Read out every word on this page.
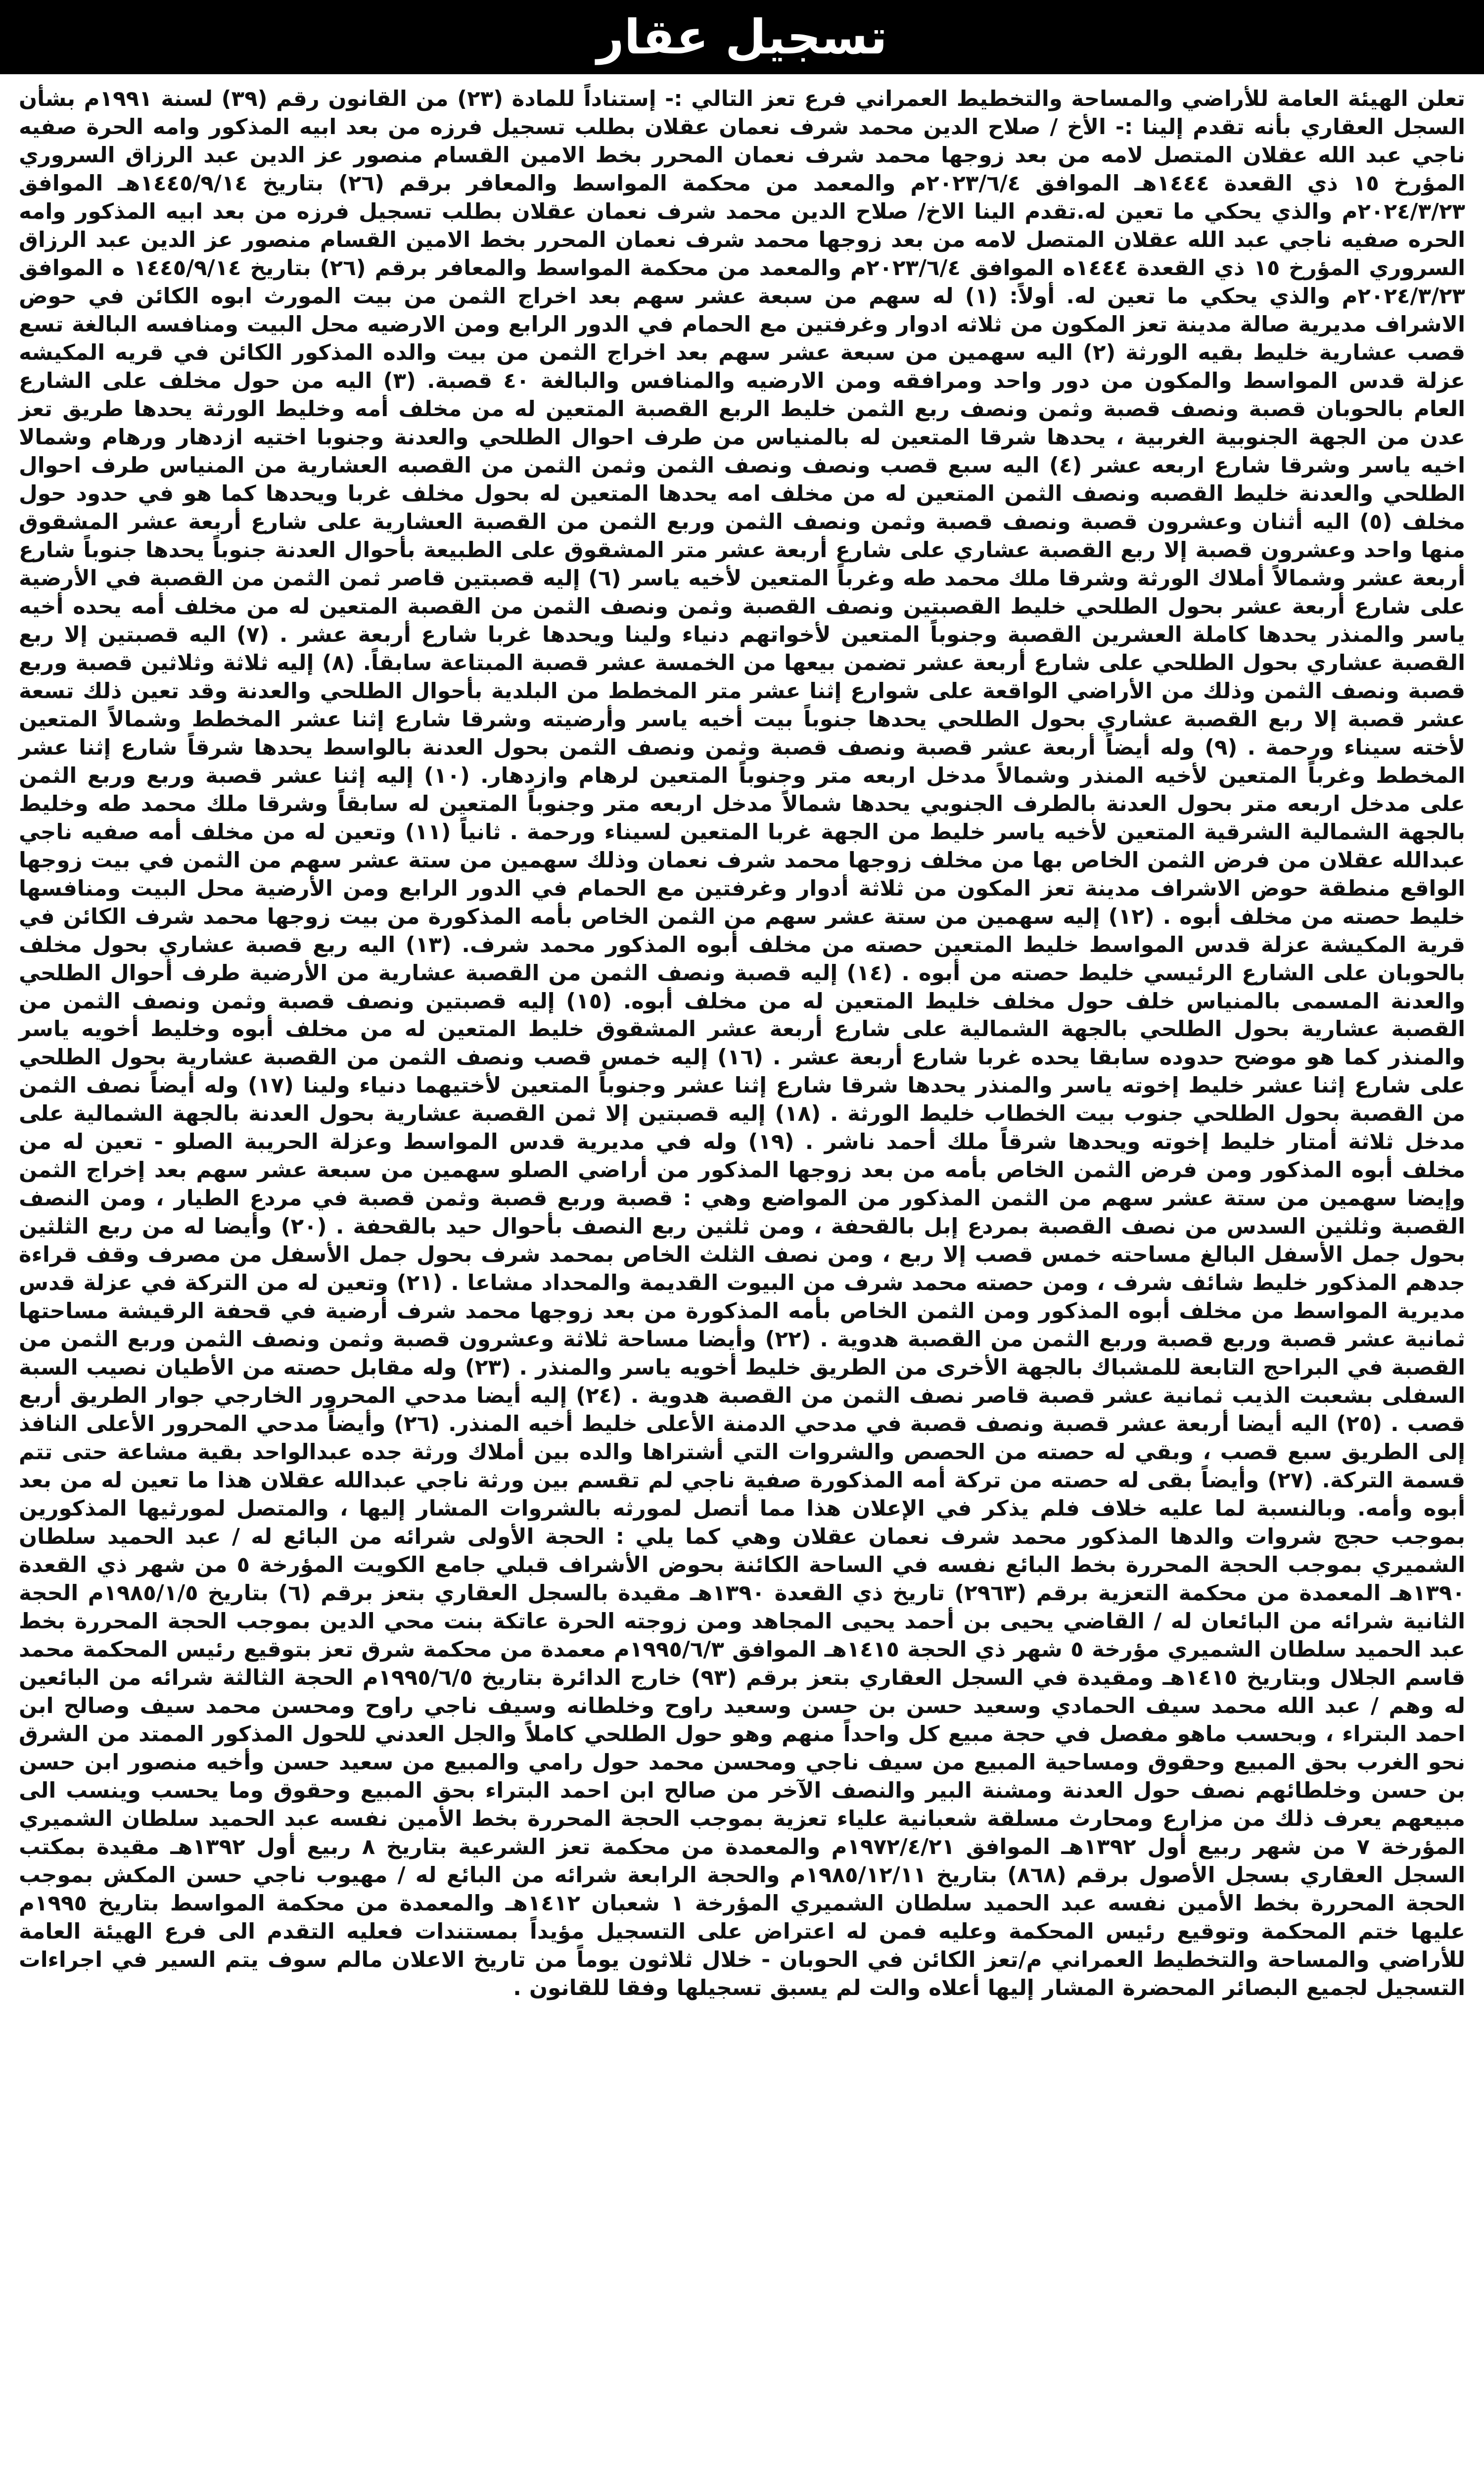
تسجيل عقار

تعلن الهيئة العامة للأراضي والمساحة والتخطيط العمراني فرع تعز التالي :- إستناداً للمادة (٢٣) من القانون رقم (٣٩) لسنة ١٩٩١م بشأن السجل العقاري بأنه تقدم إلينا :- الأخ / صلاح الدين محمد شرف نعمان عقلان بطلب تسجيل فرزه من بعد ابيه المذكور وامه الحرة صفيه ناجي عبد الله عقلان المتصل لامه من بعد زوجها محمد شرف نعمان المحرر بخط الامين القسام منصور عز الدين عبد الرزاق السروري المؤرخ ١٥ ذي القعدة ١٤٤٤هـ الموافق ٢٠٢٣/٦/٤م والمعمد من محكمة المواسط والمعافر برقم (٢٦) بتاريخ ١٤٤٥/٩/١٤هـ الموافق ٢٠٢٤/٣/٢٣م والذي يحكي ما تعين له.تقدم الينا الاخ/ صلاح الدين محمد شرف نعمان عقلان بطلب تسجيل فرزه من بعد ابيه المذكور وامه الحره صفيه ناجي عبد الله عقلان المتصل لامه من بعد زوجها محمد شرف نعمان المحرر بخط الامين القسام منصور عز الدين عبد الرزاق السروري المؤرخ ١٥ ذي القعدة ١٤٤٤ه الموافق ٢٠٢٣/٦/٤م والمعمد من محكمة المواسط والمعافر برقم (٢٦) بتاريخ ١٤٤٥/٩/١٤ ه الموافق ٢٠٢٤/٣/٢٣م والذي يحكي ما تعين له. أولاً: (١) له سهم من سبعة عشر سهم بعد اخراج الثمن من بيت المورث ابوه الكائن في حوض الاشراف مديرية صالة مدينة تعز المكون من ثلاثه ادوار وغرفتين مع الحمام في الدور الرابع ومن الارضيه محل البيت ومنافسه البالغة تسع قصب عشارية خليط بقيه الورثة (٢) اليه سهمين من سبعة عشر سهم بعد اخراج الثمن من بيت والده المذكور الكائن في قريه المكيشه عزلة قدس المواسط والمكون من دور واحد ومرافقه ومن الارضيه والمنافس والبالغة ٤٠ قصبة. (٣) اليه من حول مخلف على الشارع العام بالحوبان قصبة ونصف قصبة وثمن ونصف ربع الثمن خليط الربع القصبة المتعين له من مخلف أمه وخليط الورثة يحدها طريق تعز عدن من الجهة الجنوبية الغربية ، يحدها شرقا المتعين له بالمنياس من طرف احوال الطلحي والعدنة وجنوبا اختيه ازدهار ورهام وشمالا اخيه ياسر وشرقا شارع اربعه عشر (٤) اليه سبع قصب ونصف ونصف الثمن وثمن الثمن من القصبه العشارية من المنياس طرف احوال الطلحي والعدنة خليط القصبه ونصف الثمن المتعين له من مخلف امه يحدها المتعين له بحول مخلف غربا ويحدها كما هو في حدود حول مخلف (٥) اليه أثنان وعشرون قصبة ونصف قصبة وثمن ونصف الثمن وربع الثمن من القصبة العشارية على شارع أربعة عشر المشقوق منها واحد وعشرون قصبة إلا ربع القصبة عشاري على شارع أربعة عشر متر المشقوق على الطبيعة بأحوال العدنة جنوباً يحدها جنوباً شارع أربعة عشر وشمالاً أملاك الورثة وشرقا ملك محمد طه وغرباً المتعين لأخيه ياسر (٦) إليه قصبتين قاصر ثمن الثمن من القصبة في الأرضية على شارع أربعة عشر بحول الطلحي خليط القصبتين ونصف القصبة وثمن ونصف الثمن من القصبة المتعين له من مخلف أمه يحده أخيه ياسر والمنذر يحدها كاملة العشرين القصبة وجنوباً المتعين لأخواتهم دنياء ولينا ويحدها غربا شارع أربعة عشر . (٧) اليه قصبتين إلا ربع القصبة عشاري بحول الطلحي على شارع أربعة عشر تضمن بيعها من الخمسة عشر قصبة المبتاعة سابقاً. (٨) إليه ثلاثة وثلاثين قصبة وربع قصبة ونصف الثمن وذلك من الأراضي الواقعة على شوارع إثنا عشر متر المخطط من البلدية بأحوال الطلحي والعدنة وقد تعين ذلك تسعة عشر قصبة إلا ربع القصبة عشاري بحول الطلحي يحدها جنوباً بيت أخيه ياسر وأرضيته وشرقا شارع إثنا عشر المخطط وشمالاً المتعين لأخته سيناء ورحمة . (٩) وله أيضاً أربعة عشر قصبة ونصف قصبة وثمن ونصف الثمن بحول العدنة بالواسط يحدها شرقاً شارع إثنا عشر المخطط وغرباً المتعين لأخيه المنذر وشمالاً مدخل اربعه متر وجنوباً المتعين لرهام وازدهار. (١٠) إليه إثنا عشر قصبة وربع وربع الثمن على مدخل اربعه متر بحول العدنة بالطرف الجنوبي يحدها شمالاً مدخل اربعه متر وجنوباً المتعين له سابقاً وشرقا ملك محمد طه وخليط بالجهة الشمالية الشرقية المتعين لأخيه ياسر خليط من الجهة غربا المتعين لسيناء ورحمة . ثانياً (١١) وتعين له من مخلف أمه صفيه ناجي عبدالله عقلان من فرض الثمن الخاص بها من مخلف زوجها محمد شرف نعمان وذلك سهمين من ستة عشر سهم من الثمن في بيت زوجها الواقع منطقة حوض الاشراف مدينة تعز المكون من ثلاثة أدوار وغرفتين مع الحمام في الدور الرابع ومن الأرضية محل البيت ومنافسها خليط حصته من مخلف أبوه . (١٢) إليه سهمين من ستة عشر سهم من الثمن الخاص بأمه المذكورة من بيت زوجها محمد شرف الكائن في قرية المكيشة عزلة قدس المواسط خليط المتعين حصته من مخلف أبوه المذكور محمد شرف. (١٣) اليه ربع قصبة عشاري بحول مخلف بالحوبان على الشارع الرئيسي خليط حصته من أبوه . (١٤) إليه قصبة ونصف الثمن من القصبة عشارية من الأرضية طرف أحوال الطلحي والعدنة المسمى بالمنياس خلف حول مخلف خليط المتعين له من مخلف أبوه. (١٥) إليه قصبتين ونصف قصبة وثمن ونصف الثمن من القصبة عشارية بحول الطلحي بالجهة الشمالية على شارع أربعة عشر المشقوق خليط المتعين له من مخلف أبوه وخليط أخويه ياسر والمنذر كما هو موضح حدوده سابقا يحده غربا شارع أربعة عشر . (١٦) إليه خمس قصب ونصف الثمن من القصبة عشارية بحول الطلحي على شارع إثنا عشر خليط إخوته ياسر والمنذر يحدها شرقا شارع إثنا عشر وجنوباً المتعين لأختيهما دنياء ولينا (١٧) وله أيضاً نصف الثمن من القصبة بحول الطلحي جنوب بيت الخطاب خليط الورثة . (١٨) إليه قصبتين إلا ثمن القصبة عشارية بحول العدنة بالجهة الشمالية على مدخل ثلاثة أمتار خليط إخوته ويحدها شرقاً ملك أحمد ناشر . (١٩) وله في مديرية قدس المواسط وعزلة الحريبة الصلو - تعين له من مخلف أبوه المذكور ومن فرض الثمن الخاص بأمه من بعد زوجها المذكور من أراضي الصلو سهمين من سبعة عشر سهم بعد إخراج الثمن وإيضا سهمين من ستة عشر سهم من الثمن المذكور من المواضع وهي : قصبة وربع قصبة وثمن قصبة في مردع الطيار ، ومن النصف القصبة وثلثين السدس من نصف القصبة بمردع إبل بالقحفة ، ومن ثلثين ربع النصف بأحوال حيد بالقحفة . (٢٠) وأيضا له من ربع الثلثين بحول جمل الأسفل البالغ مساحته خمس قصب إلا ربع ، ومن نصف الثلث الخاص بمحمد شرف بحول جمل الأسفل من مصرف وقف قراءة جدهم المذكور خليط شائف شرف ، ومن حصته محمد شرف من البيوت القديمة والمحداد مشاعا . (٢١) وتعين له من التركة في عزلة قدس مديرية المواسط من مخلف أبوه المذكور ومن الثمن الخاص بأمه المذكورة من بعد زوجها محمد شرف أرضية في قحفة الرقيشة مساحتها ثمانية عشر قصبة وربع قصبة وربع الثمن من القصبة هدوية . (٢٢) وأيضا مساحة ثلاثة وعشرون قصبة وثمن ونصف الثمن وربع الثمن من القصبة في البراحج التابعة للمشباك بالجهة الأخرى من الطريق خليط أخويه ياسر والمنذر . (٢٣) وله مقابل حصته من الأطيان نصيب السبة السفلى بشعبت الذيب ثمانية عشر قصبة قاصر نصف الثمن من القصبة هدوية . (٢٤) إليه أيضا مدحي المحرور الخارجي جوار الطريق أربع قصب . (٢٥) اليه أيضا أربعة عشر قصبة ونصف قصبة في مدحي الدمنة الأعلى خليط أخيه المنذر. (٢٦) وأيضاً مدحي المحرور الأعلى النافذ إلى الطريق سبع قصب ، وبقي له حصته من الحصص والشروات التي أشتراها والده بين أملاك ورثة جده عبدالواحد بقية مشاعة حتى تتم قسمة التركة. (٢٧) وأيضاً بقى له حصته من تركة أمه المذكورة صفية ناجي لم تقسم بين ورثة ناجي عبدالله عقلان هذا ما تعين له من بعد أبوه وأمه. وبالنسبة لما عليه خلاف فلم يذكر في الإعلان هذا مما أتصل لمورثه بالشروات المشار إليها ، والمتصل لمورثيها المذكورين بموجب حجج شروات والدها المذكور محمد شرف نعمان عقلان وهي كما يلي : الحجة الأولى شرائه من البائع له / عبد الحميد سلطان الشميري بموجب الحجة المحررة بخط البائع نفسه في الساحة الكائنة بحوض الأشراف قبلي جامع الكويت المؤرخة ٥ من شهر ذي القعدة ١٣٩٠هـ المعمدة من محكمة التعزية برقم (٢٩٦٣) تاريخ ذي القعدة ١٣٩٠هـ مقيدة بالسجل العقاري بتعز برقم (٦) بتاريخ ١٩٨٥/١/٥م الحجة الثانية شرائه من البائعان له / القاضي يحيى بن أحمد يحيى المجاهد ومن زوجته الحرة عاتكة بنت محي الدين بموجب الحجة المحررة بخط عبد الحميد سلطان الشميري مؤرخة ٥ شهر ذي الحجة ١٤١٥هـ الموافق ١٩٩٥/٦/٣م معمدة من محكمة شرق تعز بتوقيع رئيس المحكمة محمد قاسم الجلال وبتاريخ ١٤١٥هـ ومقيدة في السجل العقاري بتعز برقم (٩٣) خارج الدائرة بتاريخ ١٩٩٥/٦/٥م الحجة الثالثة شرائه من البائعين له وهم / عبد الله محمد سيف الحمادي وسعيد حسن بن حسن وسعيد راوح وخلطانه وسيف ناجي راوح ومحسن محمد سيف وصالح ابن احمد البتراء ، وبحسب ماهو مفصل في حجة مبيع كل واحداً منهم وهو حول الطلحي كاملاً والجل العدني للحول المذكور الممتد من الشرق نحو الغرب بحق المبيع وحقوق ومساحية المبيع من سيف ناجي ومحسن محمد حول رامي والمبيع من سعيد حسن وأخيه منصور ابن حسن بن حسن وخلطائهم نصف حول العدنة ومشنة البير والنصف الآخر من صالح ابن احمد البتراء بحق المبيع وحقوق وما يحسب وينسب الى مبيعهم يعرف ذلك من مزارع ومحارث مسلقة شعبانية علياء تعزية بموجب الحجة المحررة بخط الأمين نفسه عبد الحميد سلطان الشميري المؤرخة ٧ من شهر ربيع أول ١٣٩٢هـ الموافق ١٩٧٢/٤/٢١م والمعمدة من محكمة تعز الشرعية بتاريخ ٨ ربيع أول ١٣٩٢هـ مقيدة بمكتب السجل العقاري بسجل الأصول برقم (٨٦٨) بتاريخ ١٩٨٥/١٢/١١م والحجة الرابعة شرائه من البائع له / مهيوب ناجي حسن المكش بموجب الحجة المحررة بخط الأمين نفسه عبد الحميد سلطان الشميري المؤرخة ١ شعبان ١٤١٢هـ والمعمدة من محكمة المواسط بتاريخ ١٩٩٥م عليها ختم المحكمة وتوقيع رئيس المحكمة وعليه فمن له اعتراض على التسجيل مؤيداً بمستندات فعليه التقدم الى فرع الهيئة العامة للأراضي والمساحة والتخطيط العمراني م/تعز الكائن في الحوبان - خلال ثلاثون يوماً من تاريخ الاعلان مالم سوف يتم السير في اجراءات التسجيل لجميع البصائر المحضرة المشار إليها أعلاه والت لم يسبق تسجيلها وفقا للقانون .
